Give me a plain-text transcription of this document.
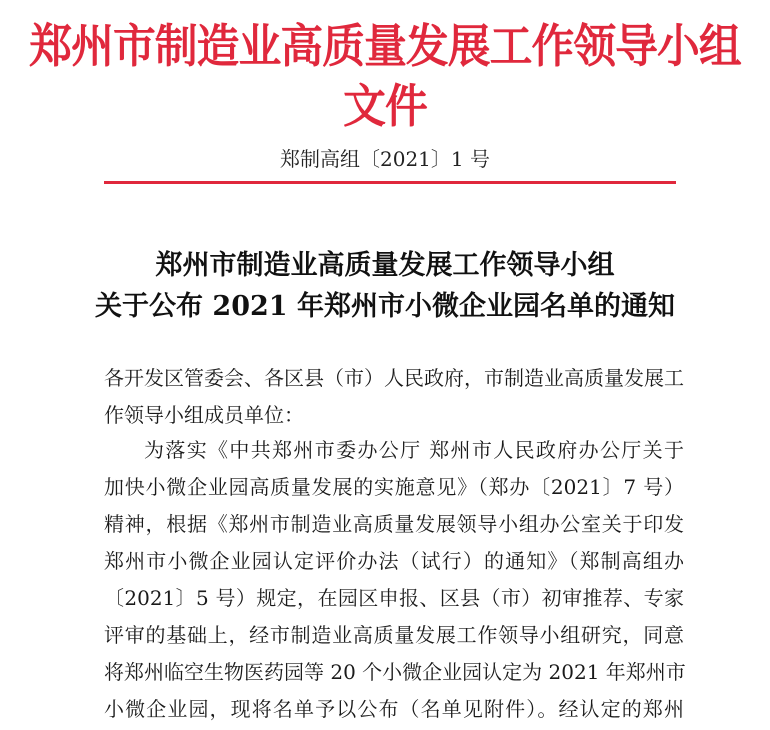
郑州市制造业高质量发展工作领导小组文件
郑制高组〔2021〕1 号
郑州市制造业高质量发展工作领导小组
关于公布 2021 年郑州市小微企业园名单的通知
各开发区管委会、各区县（市）人民政府，市制造业高质量发展工
作领导小组成员单位：
为落实《中共郑州市委办公厅 郑州市人民政府办公厅关于
加快小微企业园高质量发展的实施意见》（郑办〔2021〕7 号）
精神，根据《郑州市制造业高质量发展领导小组办公室关于印发
郑州市小微企业园认定评价办法（试行）的通知》（郑制高组办
〔2021〕5 号）规定，在园区申报、区县（市）初审推荐、专家
评审的基础上，经市制造业高质量发展工作领导小组研究，同意
将郑州临空生物医药园等 20 个小微企业园认定为 2021 年郑州市
小微企业园，现将名单予以公布（名单见附件）。经认定的郑州
